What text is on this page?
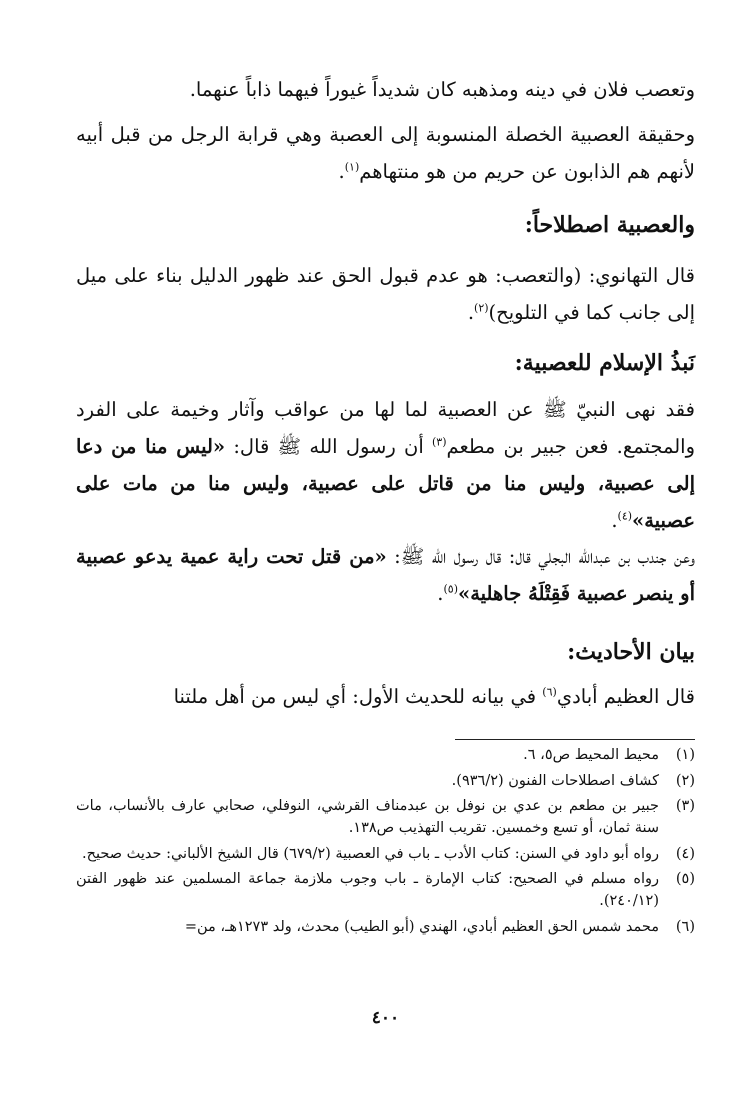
وتعصب فلان في دينه ومذهبه كان شديداً غيوراً فيهما ذاباً عنهما.

وحقيقة العصبية الخصلة المنسوبة إلى العصبة وهي قرابة الرجل من قبل أبيه لأنهم هم الذابون عن حريم من هو منتهاهم$^{(١)}$.

والعصبية اصطلاحاً:

قال التهانوي: (والتعصب: هو عدم قبول الحق عند ظهور الدليل بناء على ميل إلى جانب كما في التلويح)$^{(٢)}$.

نَبذُ الإسلام للعصبية:

فقد نهى النبيّ ﷺ عن العصبية لما لها من عواقب وآثار وخيمة على الفرد والمجتمع. فعن جبير بن مطعم$^{(٣)}$ أن رسول الله ﷺ قال: «ليس منا من دعا إلى عصبية، وليس منا من قاتل على عصبية، وليس منا من مات على عصبية»$^{(٤)}$.

وعن جندب بن عبدالله البجلي قال: قال رسول الله ﷺ: «من قتل تحت راية عمية يدعو عصبية أو ينصر عصبية فَقِتْلَهُ جاهلية»$^{(٥)}$.

بيان الأحاديث:

قال العظيم أبادي$^{(٦)}$ في بيانه للحديث الأول: أي ليس من أهل ملتنا

(١)
محيط المحيط ص٥، ٦.
(٢)
كشاف اصطلاحات الفنون (٩٣٦/٢).
(٣)
جبير بن مطعم بن عدي بن نوفل بن عبدمناف القرشي، النوفلي، صحابي عارف بالأنساب، مات سنة ثمان، أو تسع وخمسين. تقريب التهذيب ص١٣٨.
(٤)
رواه أبو داود في السنن: كتاب الأدب ـ باب في العصبية (٦٧٩/٢) قال الشيخ الألباني: حديث صحيح.
(٥)
رواه مسلم في الصحيح: كتاب الإمارة ـ باب وجوب ملازمة جماعة المسلمين عند ظهور الفتن (٢٤٠/١٢).
(٦)
محمد شمس الحق العظيم أبادي، الهندي (أبو الطيب) محدث، ولد ١٢٧٣هـ، من=
٤٠٠
